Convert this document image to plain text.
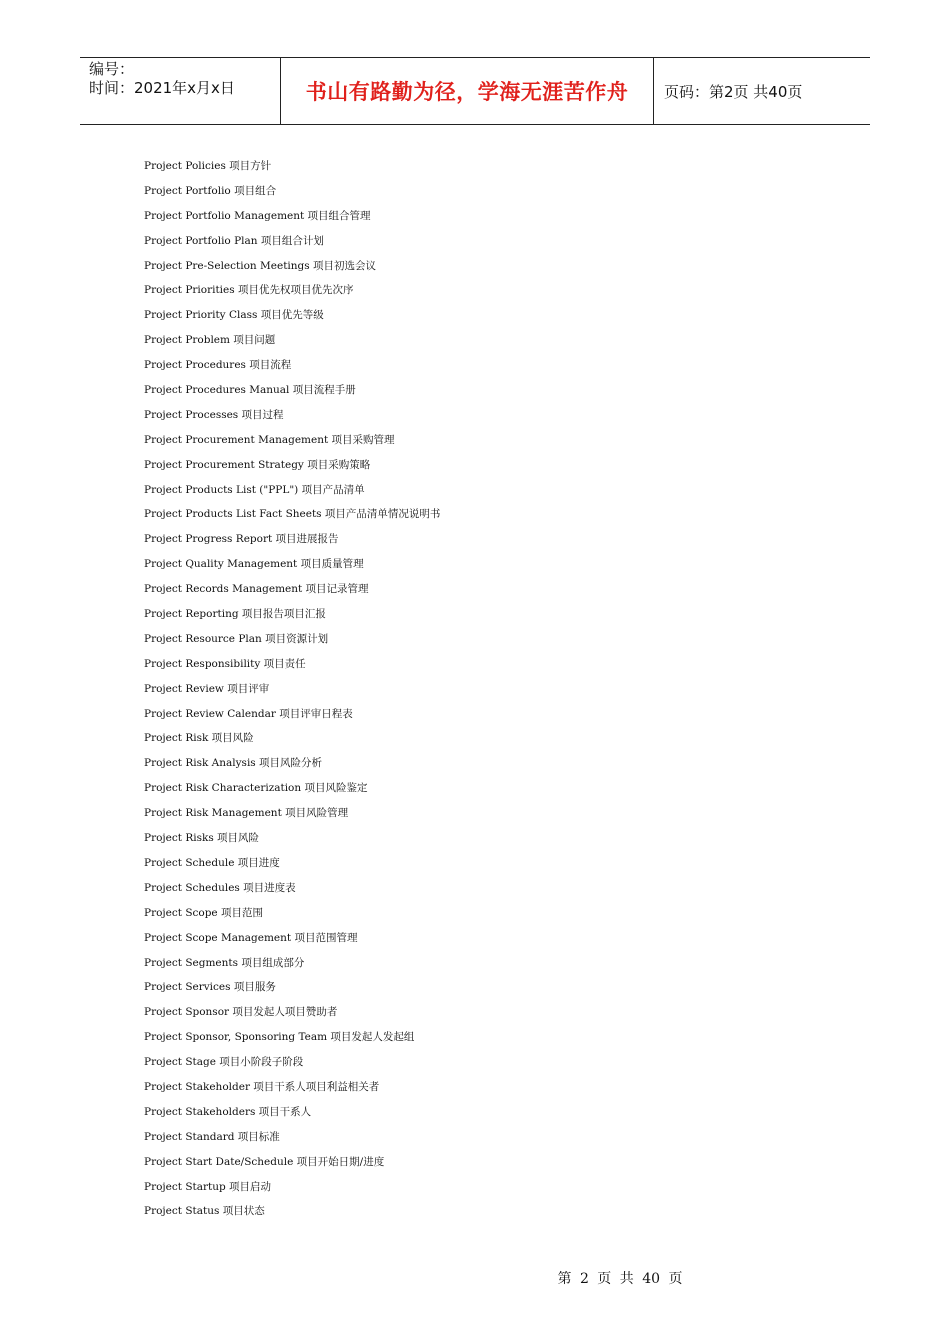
编号：
时间：2021年x月x日	书山有路勤为径，学海无涯苦作舟	页码：第2页 共40页
Project Policies 项目方针
Project Portfolio 项目组合
Project Portfolio Management 项目组合管理
Project Portfolio Plan 项目组合计划
Project Pre-Selection Meetings 项目初选会议
Project Priorities 项目优先权项目优先次序
Project Priority Class 项目优先等级
Project Problem 项目问题
Project Procedures 项目流程
Project Procedures Manual 项目流程手册
Project Processes 项目过程
Project Procurement Management 项目采购管理
Project Procurement Strategy 项目采购策略
Project Products List ("PPL") 项目产品清单
Project Products List Fact Sheets 项目产品清单情况说明书
Project Progress Report 项目进展报告
Project Quality Management 项目质量管理
Project Records Management 项目记录管理
Project Reporting 项目报告项目汇报
Project Resource Plan 项目资源计划
Project Responsibility 项目责任
Project Review 项目评审
Project Review Calendar 项目评审日程表
Project Risk 项目风险
Project Risk Analysis 项目风险分析
Project Risk Characterization 项目风险鉴定
Project Risk Management 项目风险管理
Project Risks 项目风险
Project Schedule 项目进度
Project Schedules 项目进度表
Project Scope 项目范围
Project Scope Management 项目范围管理
Project Segments 项目组成部分
Project Services 项目服务
Project Sponsor 项目发起人项目赞助者
Project Sponsor, Sponsoring Team 项目发起人发起组
Project Stage 项目小阶段子阶段
Project Stakeholder 项目干系人项目利益相关者
Project Stakeholders 项目干系人
Project Standard 项目标准
Project Start Date/Schedule 项目开始日期/进度
Project Startup 项目启动
Project Status 项目状态
第 2 页 共 40 页
